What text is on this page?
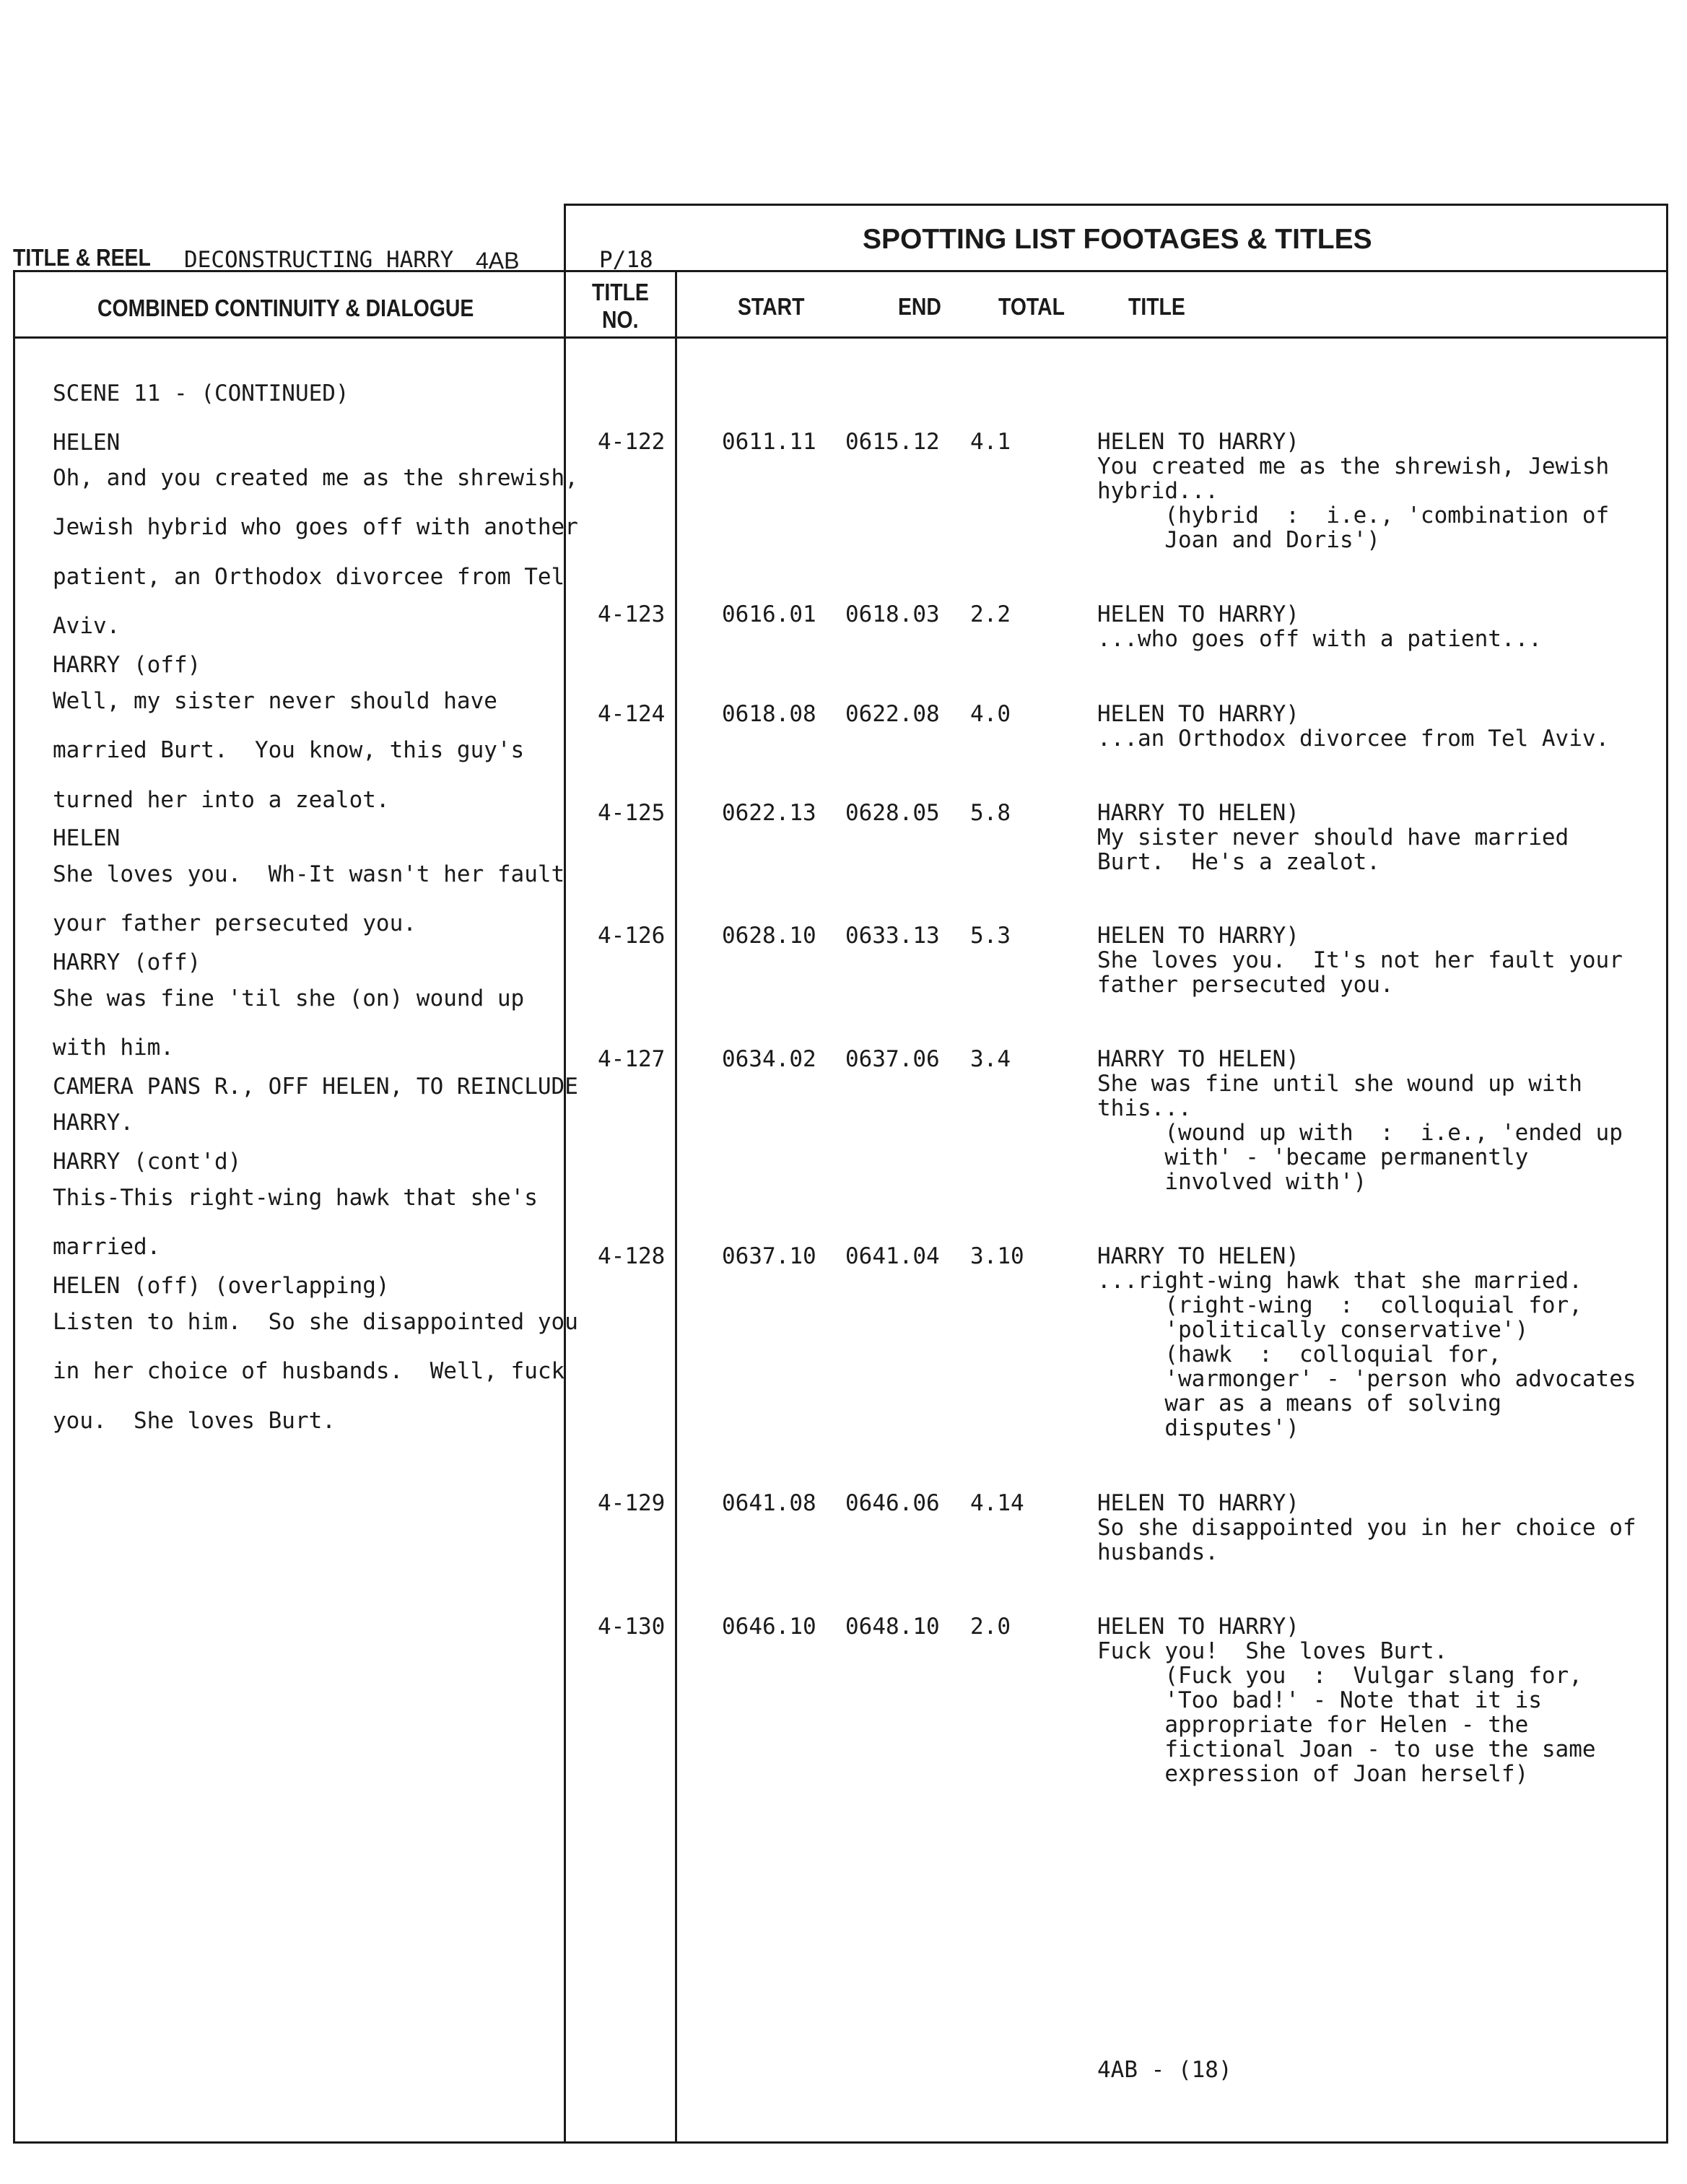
TITLE & REEL DECONSTRUCTING HARRY 4AB	P/18
SPOTTING LIST FOOTAGES & TITLES
COMBINED CONTINUITY & DIALOGUE
TITLE
NO.	START	END TOTAL	TITLE
SCENE 11 - (CONTINUED)
HELEN
Oh, and you created me as the shrewish,
Jewish hybrid who goes off with another
patient, an Orthodox divorcee from Tel
Aviv.
HARRY (off)
Well, my sister never should have
married Burt.  You know, this guy's
turned her into a zealot.
HELEN
She loves you.  Wh-It wasn't her fault
your father persecuted you.
HARRY (off)
She was fine 'til she (on) wound up
with him.
CAMERA PANS R., OFF HELEN, TO REINCLUDE
HARRY.
HARRY (cont'd)
This-This right-wing hawk that she's
married.
HELEN (off) (overlapping)
Listen to him.  So she disappointed you
in her choice of husbands.  Well, fuck
you.  She loves Burt.
4-122	0611.11 0615.12 4.1	HELEN TO HARRY)
You created me as the shrewish, Jewish
hybrid...
(hybrid  :  i.e., 'combination of
Joan and Doris')
4-123	0616.01 0618.03 2.2	HELEN TO HARRY)
...who goes off with a patient...
4-124	0618.08 0622.08 4.0	HELEN TO HARRY)
...an Orthodox divorcee from Tel Aviv.
4-125	0622.13 0628.05 5.8	HARRY TO HELEN)
My sister never should have married
Burt.  He's a zealot.
4-126	0628.10 0633.13 5.3	HELEN TO HARRY)
She loves you.  It's not her fault your
father persecuted you.
4-127	0634.02 0637.06 3.4	HARRY TO HELEN)
She was fine until she wound up with
this...
(wound up with  :  i.e., 'ended up
with' - 'became permanently
involved with')
4-128	0637.10 0641.04 3.10	HARRY TO HELEN)
...right-wing hawk that she married.
(right-wing  :  colloquial for,
'politically conservative')
(hawk  :  colloquial for,
'warmonger' - 'person who advocates
war as a means of solving
disputes')
4-129	0641.08 0646.06 4.14	HELEN TO HARRY)
So she disappointed you in her choice of
husbands.
4-130	0646.10 0648.10 2.0	HELEN TO HARRY)
Fuck you!  She loves Burt.
(Fuck you  :  Vulgar slang for,
'Too bad!' - Note that it is
appropriate for Helen - the
fictional Joan - to use the same
expression of Joan herself)
4AB - (18)
